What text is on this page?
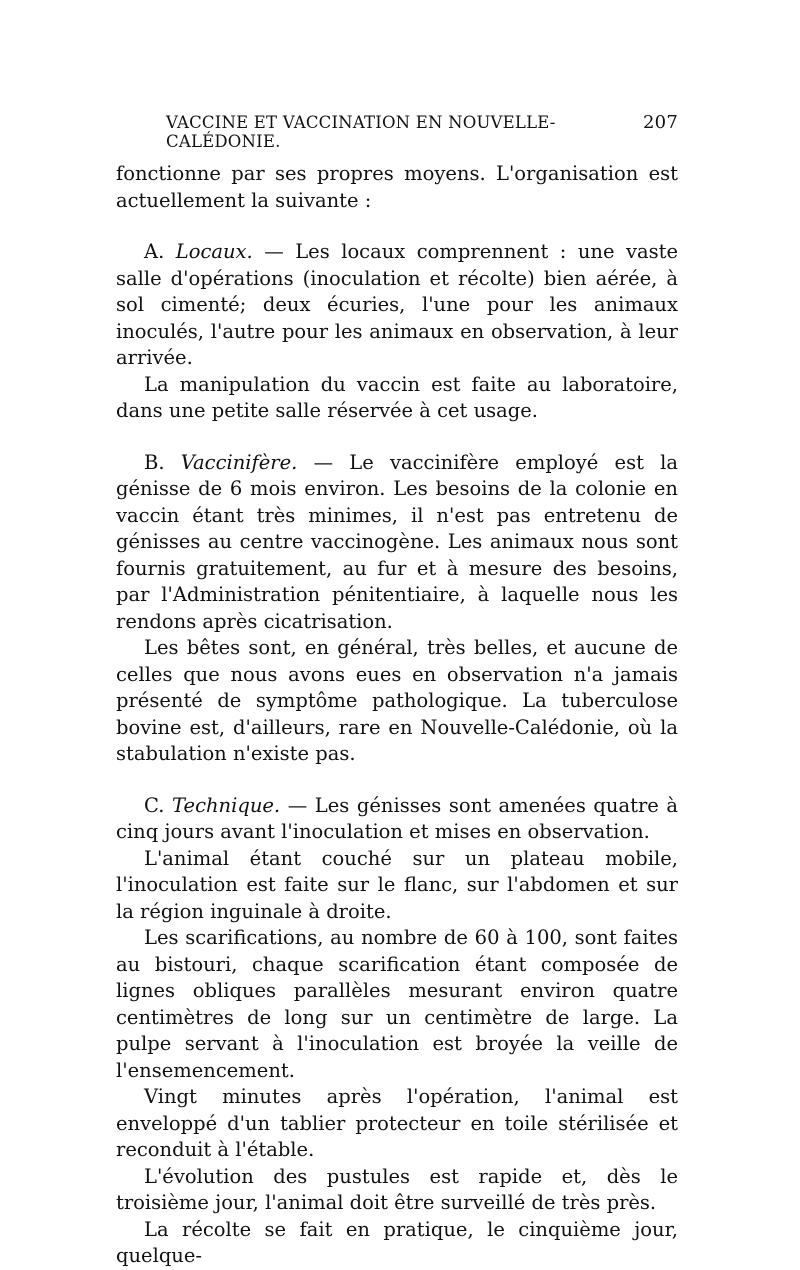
VACCINE ET VACCINATION EN NOUVELLE-CALÉDONIE.
207

fonctionne par ses propres moyens. L'organisation est actuellement la suivante :

A. Locaux. — Les locaux comprennent : une vaste salle d'opérations (inoculation et récolte) bien aérée, à sol cimenté; deux écuries, l'une pour les animaux inoculés, l'autre pour les animaux en observation, à leur arrivée.

La manipulation du vaccin est faite au laboratoire, dans une petite salle réservée à cet usage.

B. Vaccinifère. — Le vaccinifère employé est la génisse de 6 mois environ. Les besoins de la colonie en vaccin étant très minimes, il n'est pas entretenu de génisses au centre vaccinogène. Les animaux nous sont fournis gratuitement, au fur et à mesure des besoins, par l'Administration pénitentiaire, à laquelle nous les rendons après cicatrisation.

Les bêtes sont, en général, très belles, et aucune de celles que nous avons eues en observation n'a jamais présenté de symptôme pathologique. La tuberculose bovine est, d'ailleurs, rare en Nouvelle-Calédonie, où la stabulation n'existe pas.

C. Technique. — Les génisses sont amenées quatre à cinq jours avant l'inoculation et mises en observation.

L'animal étant couché sur un plateau mobile, l'inoculation est faite sur le flanc, sur l'abdomen et sur la région inguinale à droite.

Les scarifications, au nombre de 60 à 100, sont faites au bistouri, chaque scarification étant composée de lignes obliques parallèles mesurant environ quatre centimètres de long sur un centimètre de large. La pulpe servant à l'inoculation est broyée la veille de l'ensemencement.

Vingt minutes après l'opération, l'animal est enveloppé d'un tablier protecteur en toile stérilisée et reconduit à l'étable.

L'évolution des pustules est rapide et, dès le troisième jour, l'animal doit être surveillé de très près.

La récolte se fait en pratique, le cinquième jour, quelque-
